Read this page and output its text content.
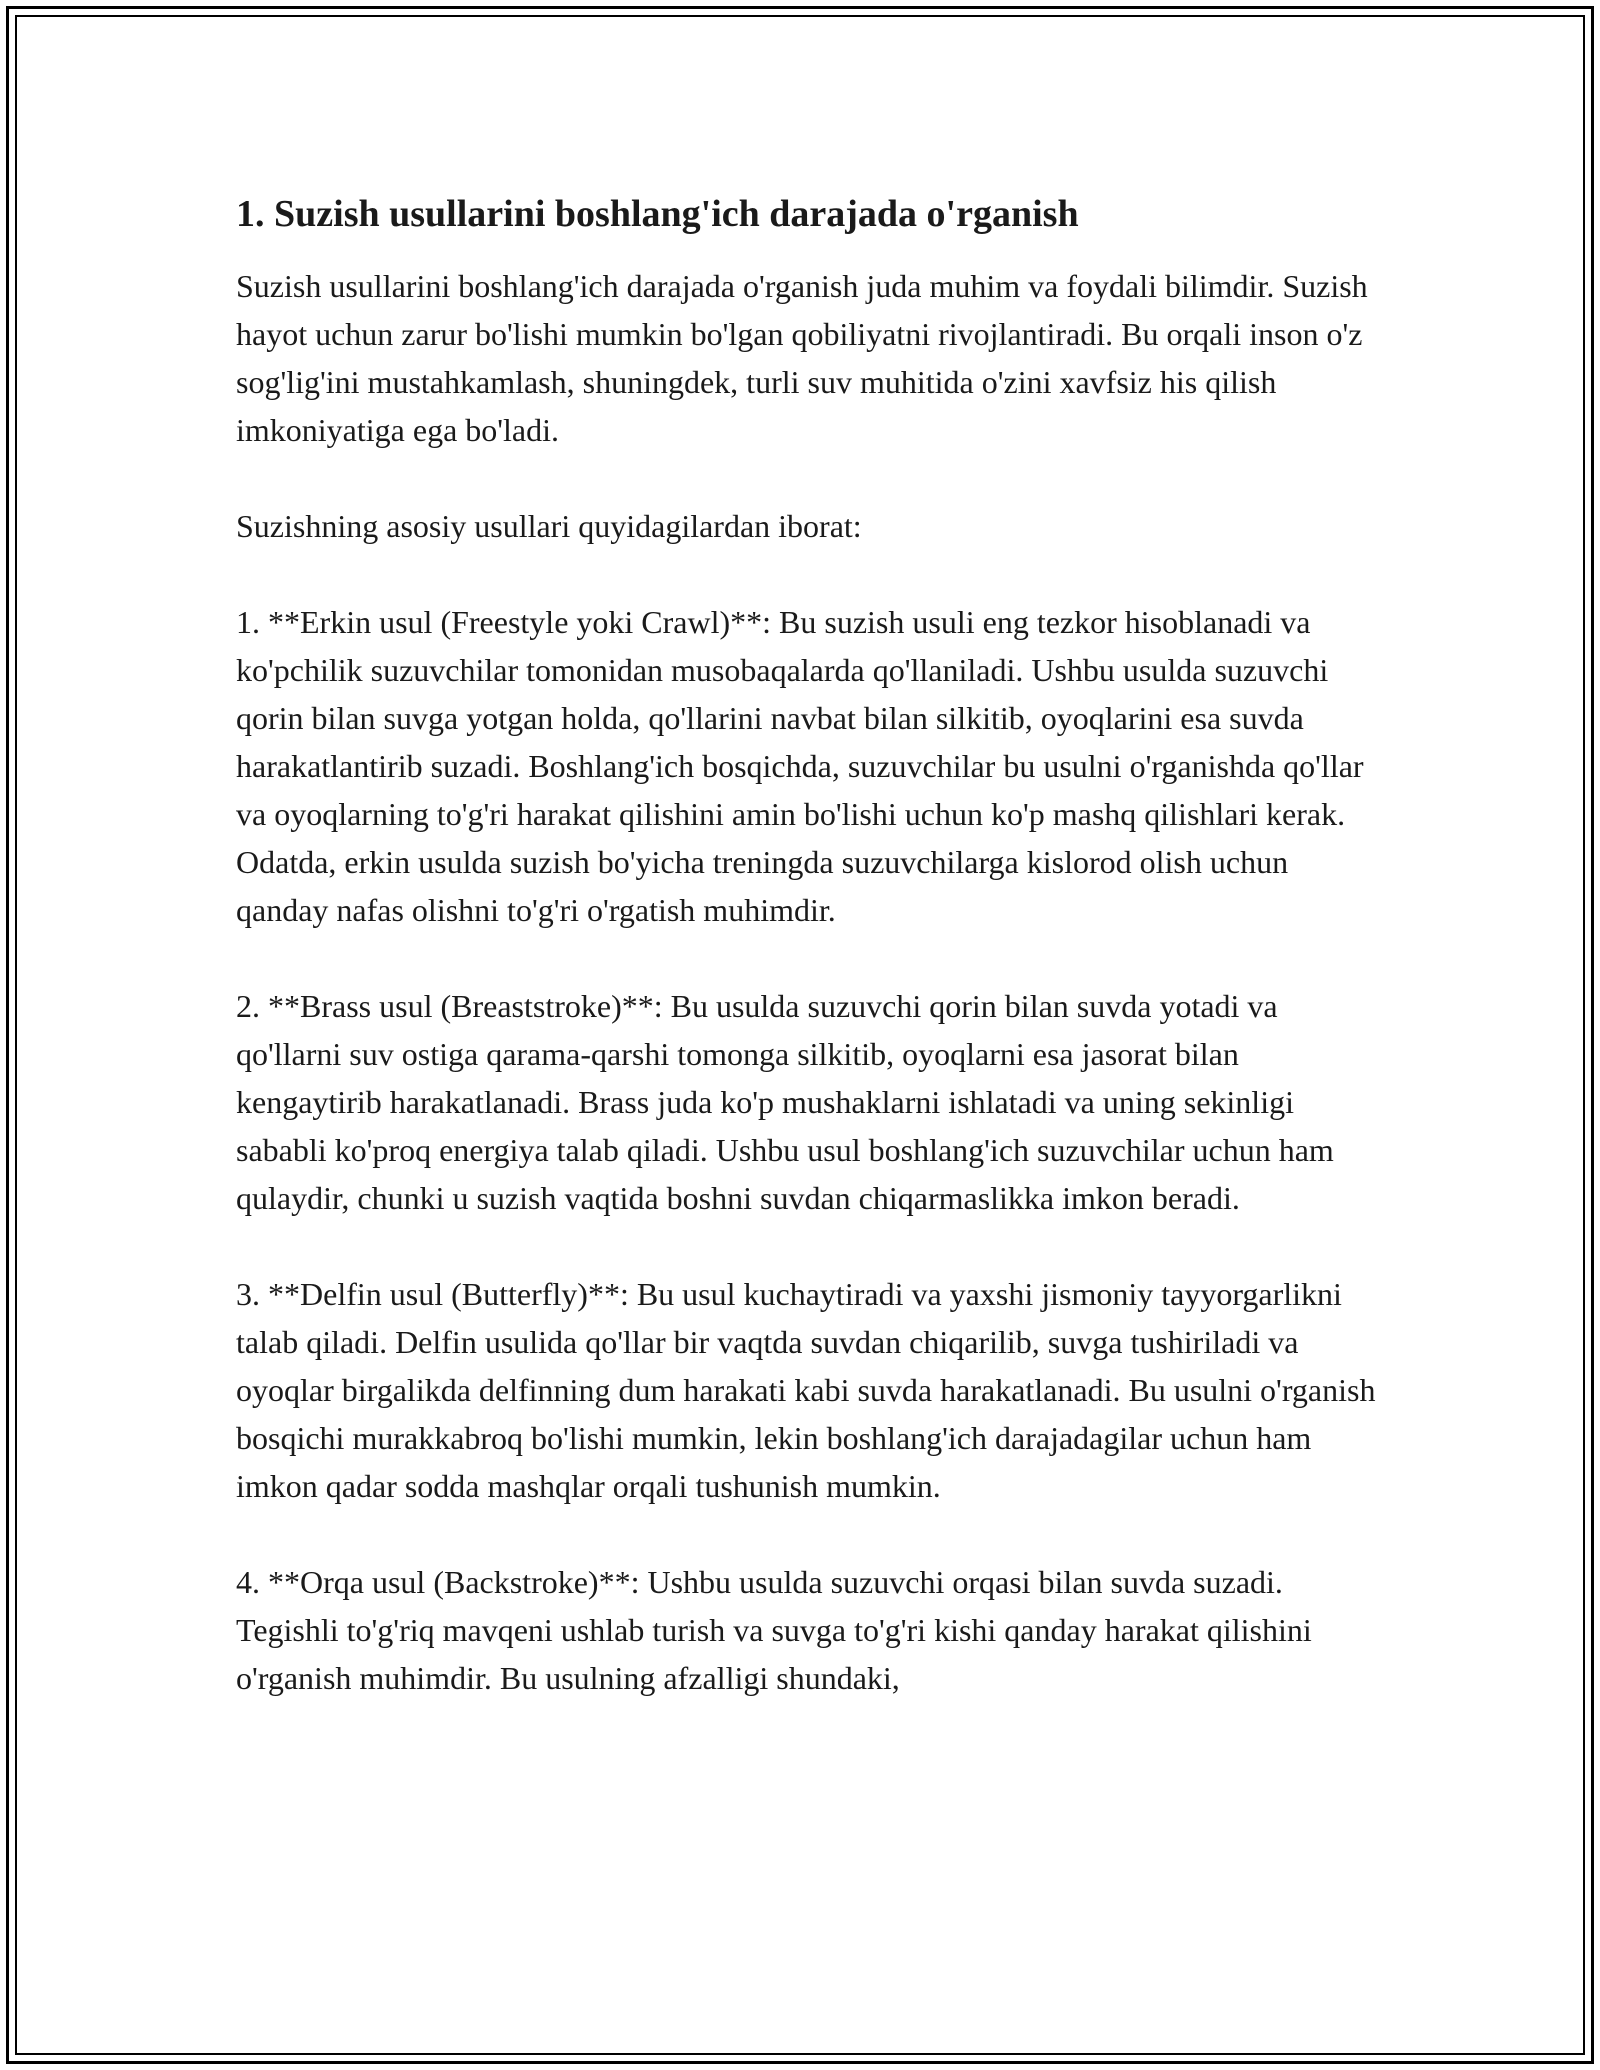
1. Suzish usullarini boshlang'ich darajada o'rganish

Suzish usullarini boshlang'ich darajada o'rganish juda muhim va foydali bilimdir. Suzish hayot uchun zarur bo'lishi mumkin bo'lgan qobiliyatni rivojlantiradi. Bu orqali inson o'z sog'lig'ini mustahkamlash, shuningdek, turli suv muhitida o'zini xavfsiz his qilish imkoniyatiga ega bo'ladi.

Suzishning asosiy usullari quyidagilardan iborat:

1. **Erkin usul (Freestyle yoki Crawl)**: Bu suzish usuli eng tezkor hisoblanadi va ko'pchilik suzuvchilar tomonidan musobaqalarda qo'llaniladi. Ushbu usulda suzuvchi qorin bilan suvga yotgan holda, qo'llarini navbat bilan silkitib, oyoqlarini esa suvda harakatlantirib suzadi. Boshlang'ich bosqichda, suzuvchilar bu usulni o'rganishda qo'llar va oyoqlarning to'g'ri harakat qilishini amin bo'lishi uchun ko'p mashq qilishlari kerak. Odatda, erkin usulda suzish bo'yicha treningda suzuvchilarga kislorod olish uchun qanday nafas olishni to'g'ri o'rgatish muhimdir.

2. **Brass usul (Breaststroke)**: Bu usulda suzuvchi qorin bilan suvda yotadi va qo'llarni suv ostiga qarama-qarshi tomonga silkitib, oyoqlarni esa jasorat bilan kengaytirib harakatlanadi. Brass juda ko'p mushaklarni ishlatadi va uning sekinligi sababli ko'proq energiya talab qiladi. Ushbu usul boshlang'ich suzuvchilar uchun ham qulaydir, chunki u suzish vaqtida boshni suvdan chiqarmaslikka imkon beradi.

3. **Delfin usul (Butterfly)**: Bu usul kuchaytiradi va yaxshi jismoniy tayyorgarlikni talab qiladi. Delfin usulida qo'llar bir vaqtda suvdan chiqarilib, suvga tushiriladi va oyoqlar birgalikda delfinning dum harakati kabi suvda harakatlanadi. Bu usulni o'rganish bosqichi murakkabroq bo'lishi mumkin, lekin boshlang'ich darajadagilar uchun ham imkon qadar sodda mashqlar orqali tushunish mumkin.

4. **Orqa usul (Backstroke)**: Ushbu usulda suzuvchi orqasi bilan suvda suzadi. Tegishli to'g'riq mavqeni ushlab turish va suvga to'g'ri kishi qanday harakat qilishini o'rganish muhimdir. Bu usulning afzalligi shundaki,
